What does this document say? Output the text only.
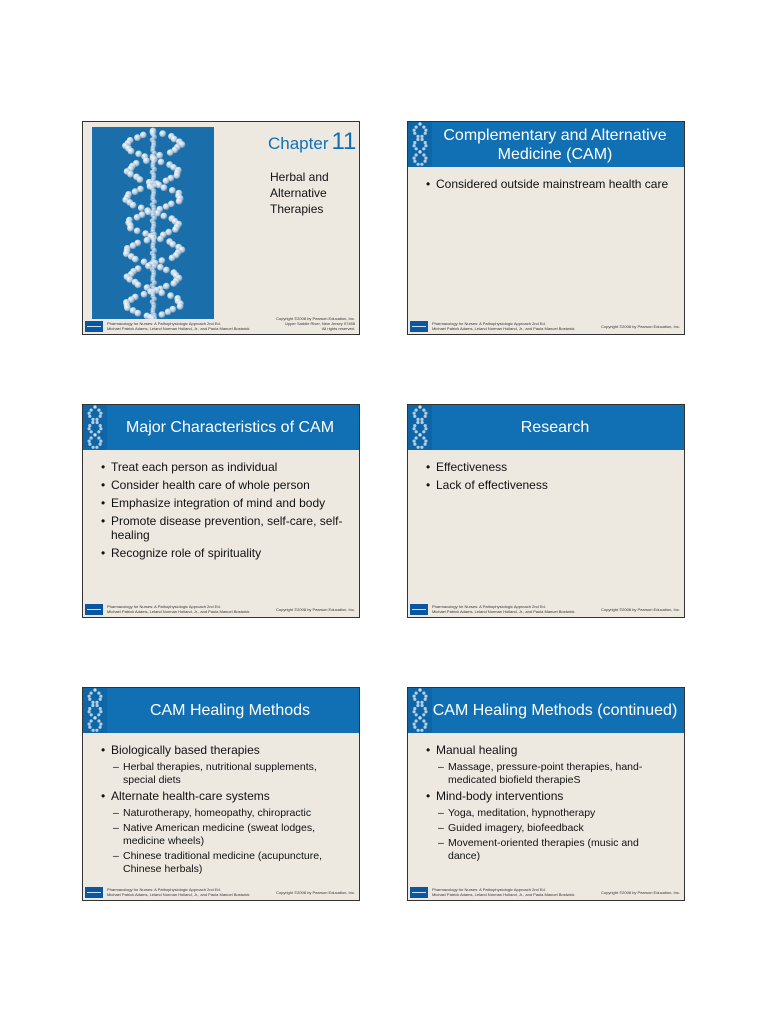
Chapter 11
Herbal and Alternative Therapies
Copyright ©2008 by Pearson Education, Inc.
Upper Saddle River, New Jersey 07458
All rights reserved.
Pharmacology for Nurses: A Pathophysiologic Approach 2nd Ed.
Michael Patrick Adams, Leland Norman Holland, Jr., and Paula Manuel Bostwick
Complementary and Alternative Medicine (CAM)
• Considered outside mainstream health care
Pharmacology for Nurses: A Pathophysiologic Approach 2nd Ed.
Michael Patrick Adams, Leland Norman Holland, Jr., and Paula Manuel Bostwick	Copyright ©2008 by Pearson Education, Inc.
Major Characteristics of CAM
• Treat each person as individual
• Consider health care of whole person
• Emphasize integration of mind and body
• Promote disease prevention, self-care, self-healing
• Recognize role of spirituality
Pharmacology for Nurses: A Pathophysiologic Approach 2nd Ed.
Michael Patrick Adams, Leland Norman Holland, Jr., and Paula Manuel Bostwick	Copyright ©2008 by Pearson Education, Inc.
Research
• Effectiveness
• Lack of effectiveness
Pharmacology for Nurses: A Pathophysiologic Approach 2nd Ed.
Michael Patrick Adams, Leland Norman Holland, Jr., and Paula Manuel Bostwick	Copyright ©2008 by Pearson Education, Inc.
CAM Healing Methods
• Biologically based therapies
– Herbal therapies, nutritional supplements, special diets
• Alternate health-care systems
– Naturotherapy, homeopathy, chiropractic
– Native American medicine (sweat lodges, medicine wheels)
– Chinese traditional medicine (acupuncture, Chinese herbals)
Pharmacology for Nurses: A Pathophysiologic Approach 2nd Ed.
Michael Patrick Adams, Leland Norman Holland, Jr., and Paula Manuel Bostwick	Copyright ©2008 by Pearson Education, Inc.
CAM Healing Methods (continued)
• Manual healing
– Massage, pressure-point therapies, hand-medicated biofield therapieS
• Mind-body interventions
– Yoga, meditation, hypnotherapy
– Guided imagery, biofeedback
– Movement-oriented therapies (music and dance)
Pharmacology for Nurses: A Pathophysiologic Approach 2nd Ed.
Michael Patrick Adams, Leland Norman Holland, Jr., and Paula Manuel Bostwick	Copyright ©2008 by Pearson Education, Inc.
